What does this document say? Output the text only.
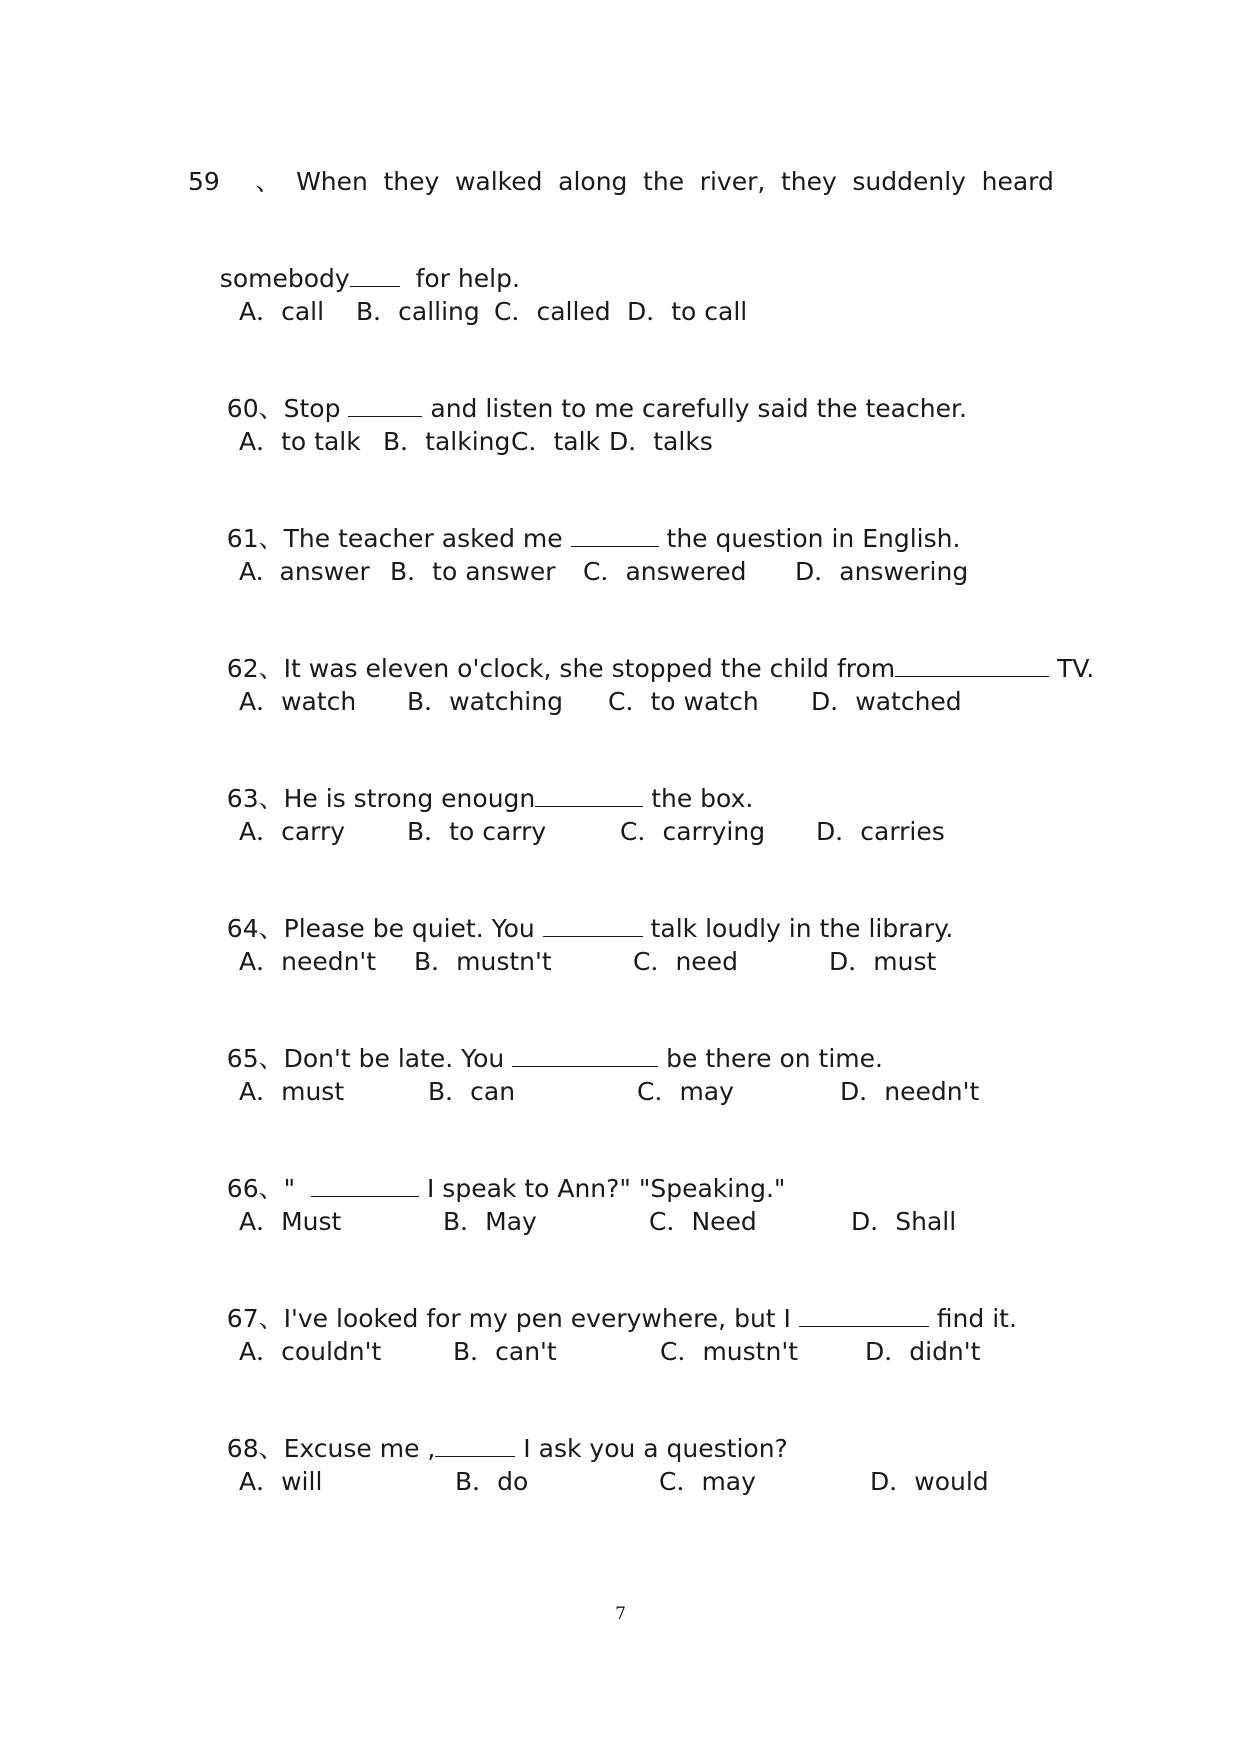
59 、 When they walked along the river, they suddenly heard

somebody	for help.

A．call B．calling C．called D．to call

60、Stop	and listen to me carefully said the teacher.

A．to talk B．talking C．talk D．talks

61、The teacher asked me	the question in English.

A.  answer B．to answer C．answered D．answering

62、It was eleven o'clock, she stopped the child from	TV.

A．watch B．watching C．to watch D．watched

63、He is strong enougn	the box.

A．carry B．to carry	C．carrying D．carries

64、Please be quiet. You	talk loudly in the library.

A．needn't B．mustn't	C．need	D．must

65、Don't be late. You	be there on time.

A．must	B．can	C．may	D．needn't

66、"	I speak to Ann?" "Speaking."

A．Must	B．May	C．Need	D．Shall

67、I've looked for my pen everywhere, but I	find it.

A．couldn't	B．can't	C．mustn't	D．didn't

68、Excuse me ,	I ask you a question?

A．will	B．do	C．may	D．would
7
